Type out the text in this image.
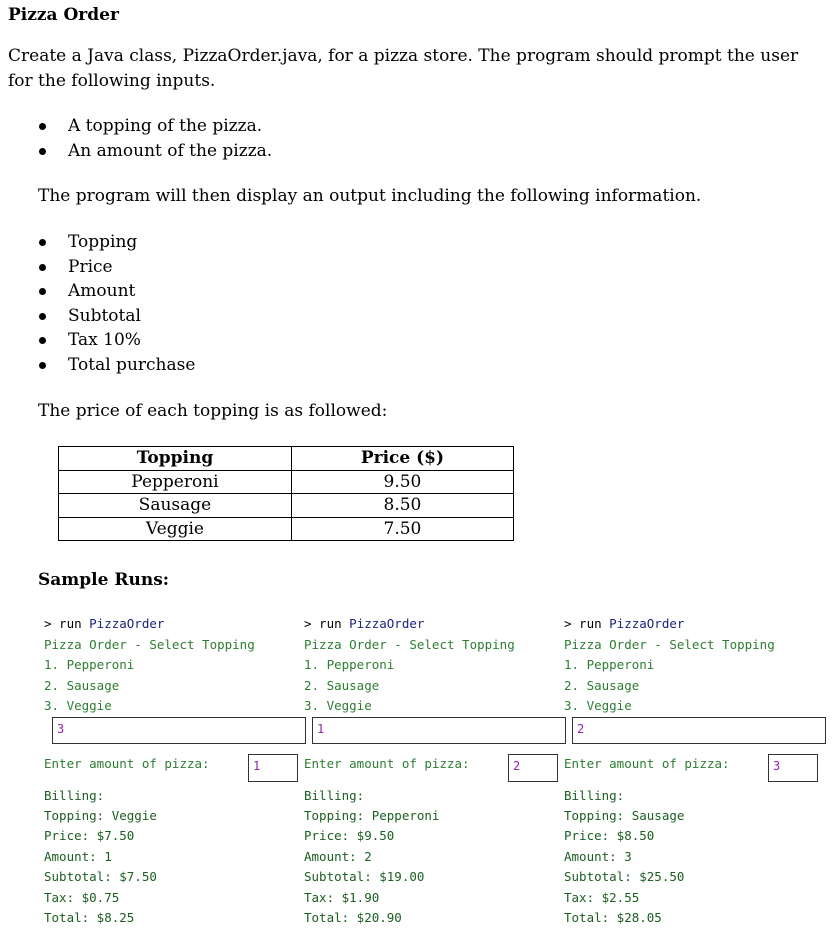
Pizza Order
Create a Java class, PizzaOrder.java, for a pizza store. The program should prompt the user for the following inputs.
A topping of the pizza.
An amount of the pizza.
The program will then display an output including the following information.
Topping
Price
Amount
Subtotal
Tax 10%
Total purchase
The price of each topping is as followed:
Topping	Price ($)
Pepperoni	9.50
Sausage	8.50
Veggie	7.50
Sample Runs:
> run PizzaOrder
Pizza Order - Select Topping
1. Pepperoni
2. Sausage
3. Veggie
3
Enter amount of pizza:	1
Billing:
Topping: Veggie
Price: $7.50
Amount: 1
Subtotal: $7.50
Tax: $0.75
Total: $8.25
> run PizzaOrder
Pizza Order - Select Topping
1. Pepperoni
2. Sausage
3. Veggie
1
Enter amount of pizza:	2
Billing:
Topping: Pepperoni
Price: $9.50
Amount: 2
Subtotal: $19.00
Tax: $1.90
Total: $20.90
> run PizzaOrder
Pizza Order - Select Topping
1. Pepperoni
2. Sausage
3. Veggie
2
Enter amount of pizza:	3
Billing:
Topping: Sausage
Price: $8.50
Amount: 3
Subtotal: $25.50
Tax: $2.55
Total: $28.05
